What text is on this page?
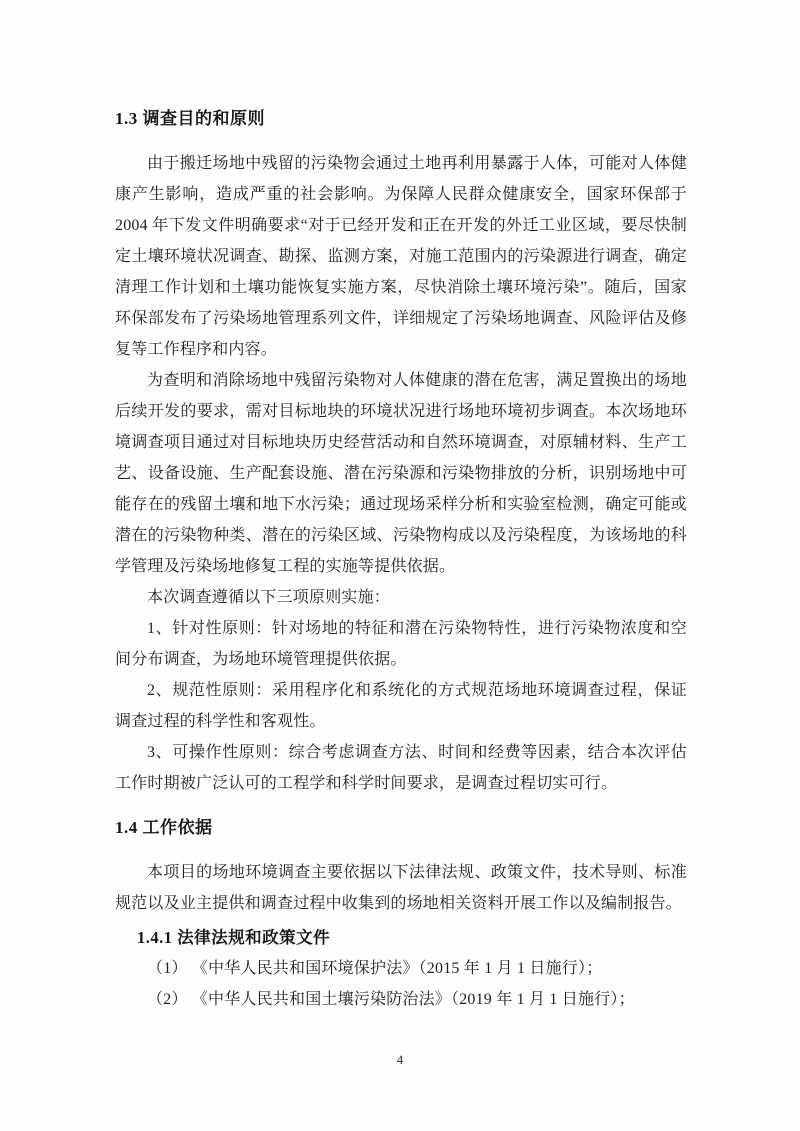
1.3 调查目的和原则

由于搬迁场地中残留的污染物会通过土地再利用暴露于人体，可能对人体健康产生影响，造成严重的社会影响。为保障人民群众健康安全，国家环保部于 2004 年下发文件明确要求“对于已经开发和正在开发的外迁工业区域，要尽快制定土壤环境状况调查、勘探、监测方案，对施工范围内的污染源进行调查，确定清理工作计划和土壤功能恢复实施方案，尽快消除土壤环境污染”。随后，国家环保部发布了污染场地管理系列文件，详细规定了污染场地调查、风险评估及修复等工作程序和内容。

为查明和消除场地中残留污染物对人体健康的潜在危害，满足置换出的场地后续开发的要求，需对目标地块的环境状况进行场地环境初步调查。本次场地环境调查项目通过对目标地块历史经营活动和自然环境调查，对原辅材料、生产工艺、设备设施、生产配套设施、潜在污染源和污染物排放的分析，识别场地中可能存在的残留土壤和地下水污染；通过现场采样分析和实验室检测，确定可能或潜在的污染物种类、潜在的污染区域、污染物构成以及污染程度，为该场地的科学管理及污染场地修复工程的实施等提供依据。

本次调查遵循以下三项原则实施：

1、针对性原则：针对场地的特征和潜在污染物特性，进行污染物浓度和空间分布调查，为场地环境管理提供依据。

2、规范性原则：采用程序化和系统化的方式规范场地环境调查过程，保证调查过程的科学性和客观性。

3、可操作性原则：综合考虑调查方法、时间和经费等因素，结合本次评估工作时期被广泛认可的工程学和科学时间要求，是调查过程切实可行。

1.4 工作依据

本项目的场地环境调查主要依据以下法律法规、政策文件，技术导则、标准规范以及业主提供和调查过程中收集到的场地相关资料开展工作以及编制报告。

1.4.1 法律法规和政策文件

（1） 《中华人民共和国环境保护法》（2015 年 1 月 1 日施行）；

（2） 《中华人民共和国土壤污染防治法》（2019 年 1 月 1 日施行）；

4
